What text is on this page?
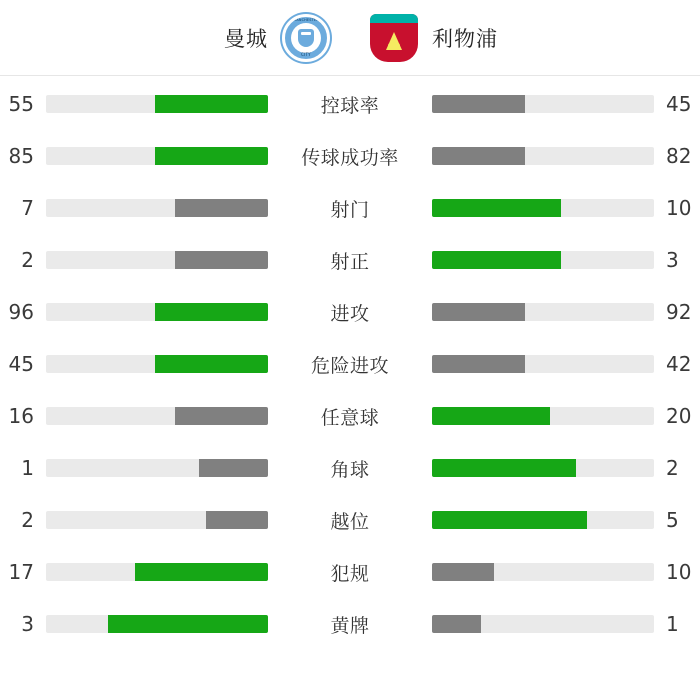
曼城
MANCHESTER
CITY
利物浦
55	控球率	45
85	传球成功率	82
7	射门	10
2	射正	3
96	进攻	92
45	危险进攻	42
16	任意球	20
1	角球	2
2	越位	5
17	犯规	10
3	黄牌	1
